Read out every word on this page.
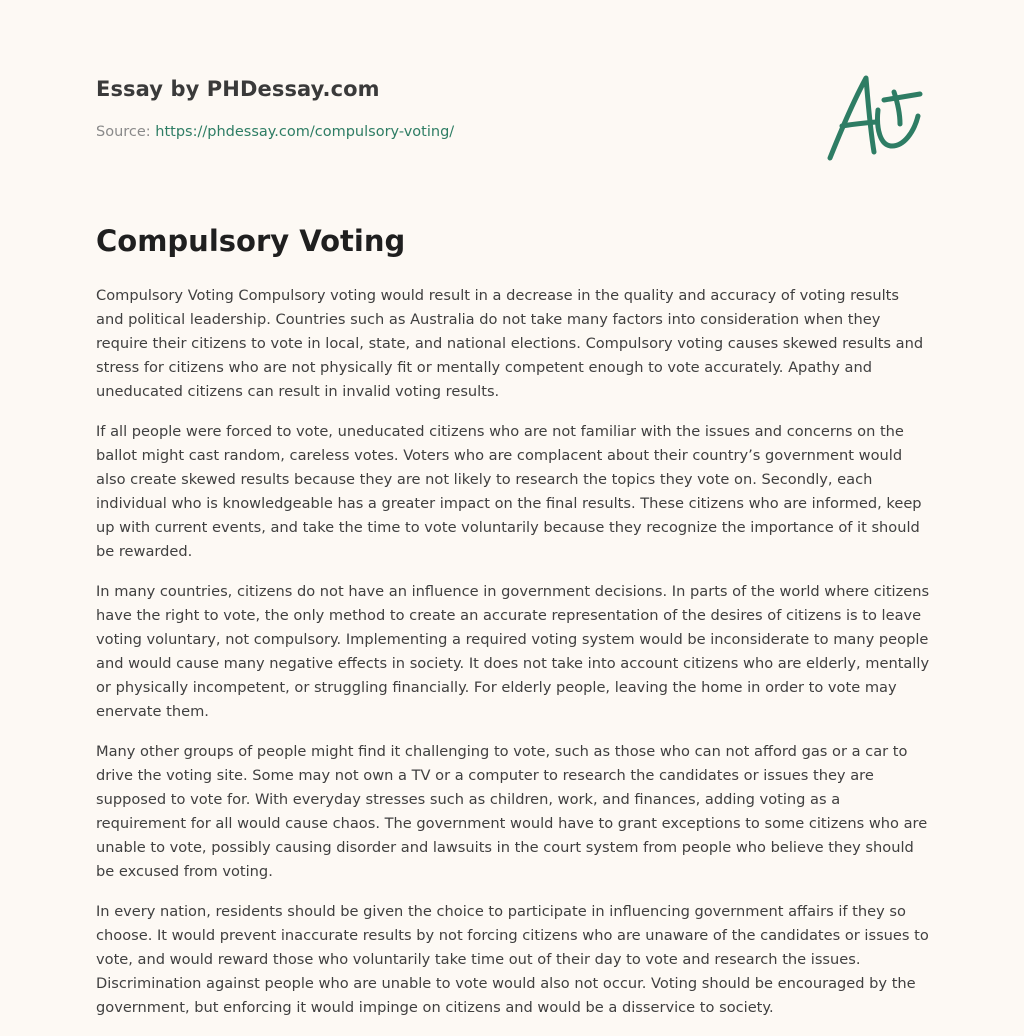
Essay by PHDessay.com
Source: https://phdessay.com/compulsory-voting/
Compulsory Voting

Compulsory Voting Compulsory voting would result in a decrease in the quality and accuracy of voting results and political leadership. Countries such as Australia do not take many factors into consideration when they require their citizens to vote in local, state, and national elections. Compulsory voting causes skewed results and stress for citizens who are not physically fit or mentally competent enough to vote accurately. Apathy and uneducated citizens can result in invalid voting results.

If all people were forced to vote, uneducated citizens who are not familiar with the issues and concerns on the ballot might cast random, careless votes. Voters who are complacent about their country’s government would also create skewed results because they are not likely to research the topics they vote on. Secondly, each individual who is knowledgeable has a greater impact on the final results. These citizens who are informed, keep up with current events, and take the time to vote voluntarily because they recognize the importance of it should be rewarded.

In many countries, citizens do not have an influence in government decisions. In parts of the world where citizens have the right to vote, the only method to create an accurate representation of the desires of citizens is to leave voting voluntary, not compulsory. Implementing a required voting system would be inconsiderate to many people and would cause many negative effects in society. It does not take into account citizens who are elderly, mentally or physically incompetent, or struggling financially. For elderly people, leaving the home in order to vote may enervate them.

Many other groups of people might find it challenging to vote, such as those who can not afford gas or a car to drive the voting site. Some may not own a TV or a computer to research the candidates or issues they are supposed to vote for. With everyday stresses such as children, work, and finances, adding voting as a requirement for all would cause chaos. The government would have to grant exceptions to some citizens who are unable to vote, possibly causing disorder and lawsuits in the court system from people who believe they should be excused from voting.

In every nation, residents should be given the choice to participate in influencing government affairs if they so choose. It would prevent inaccurate results by not forcing citizens who are unaware of the candidates or issues to vote, and would reward those who voluntarily take time out of their day to vote and research the issues. Discrimination against people who are unable to vote would also not occur. Voting should be encouraged by the government, but enforcing it would impinge on citizens and would be a disservice to society.
